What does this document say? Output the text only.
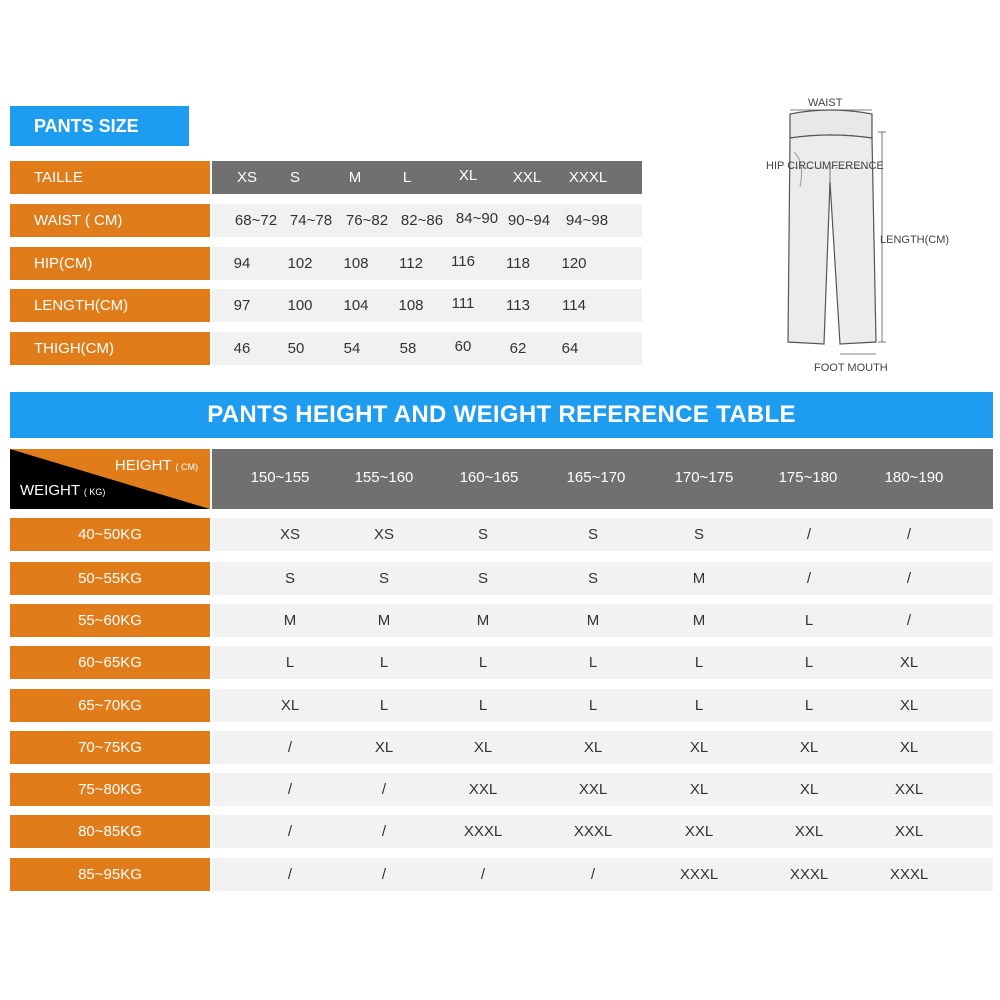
PANTS SIZE
TAILLE	XS	S	M	L	XL	XXL	XXXL
WAIST ( CM)	68~72 74~78 76~82 82~86 84~90 90~94	94~98
HIP(CM)	94	102	108	112	116	118	120
LENGTH(CM)	97	100	104	108	111	113	114
THIGH(CM)	46	50	54	58	60	62	64
WAIST
HIP CIRCUMFERENCE
LENGTH(CM)
FOOT MOUTH
PANTS HEIGHT AND WEIGHT REFERENCE TABLE
HEIGHT ( CM)
WEIGHT ( KG)
150~155	155~160	160~165	165~170	170~175	175~180	180~190
40~50KG	XS	XS	S	S	S	/	/
50~55KG	S	S	S	S	M	/	/
55~60KG	M	M	M	M	M	L	/
60~65KG	L	L	L	L	L	L	XL
65~70KG	XL	L	L	L	L	L	XL
70~75KG	/	XL	XL	XL	XL	XL	XL
75~80KG	/	/	XXL	XXL	XL	XL	XXL
80~85KG	/	/	XXXL	XXXL	XXL	XXL	XXL
85~95KG	/	/	/	/	XXXL	XXXL	XXXL
